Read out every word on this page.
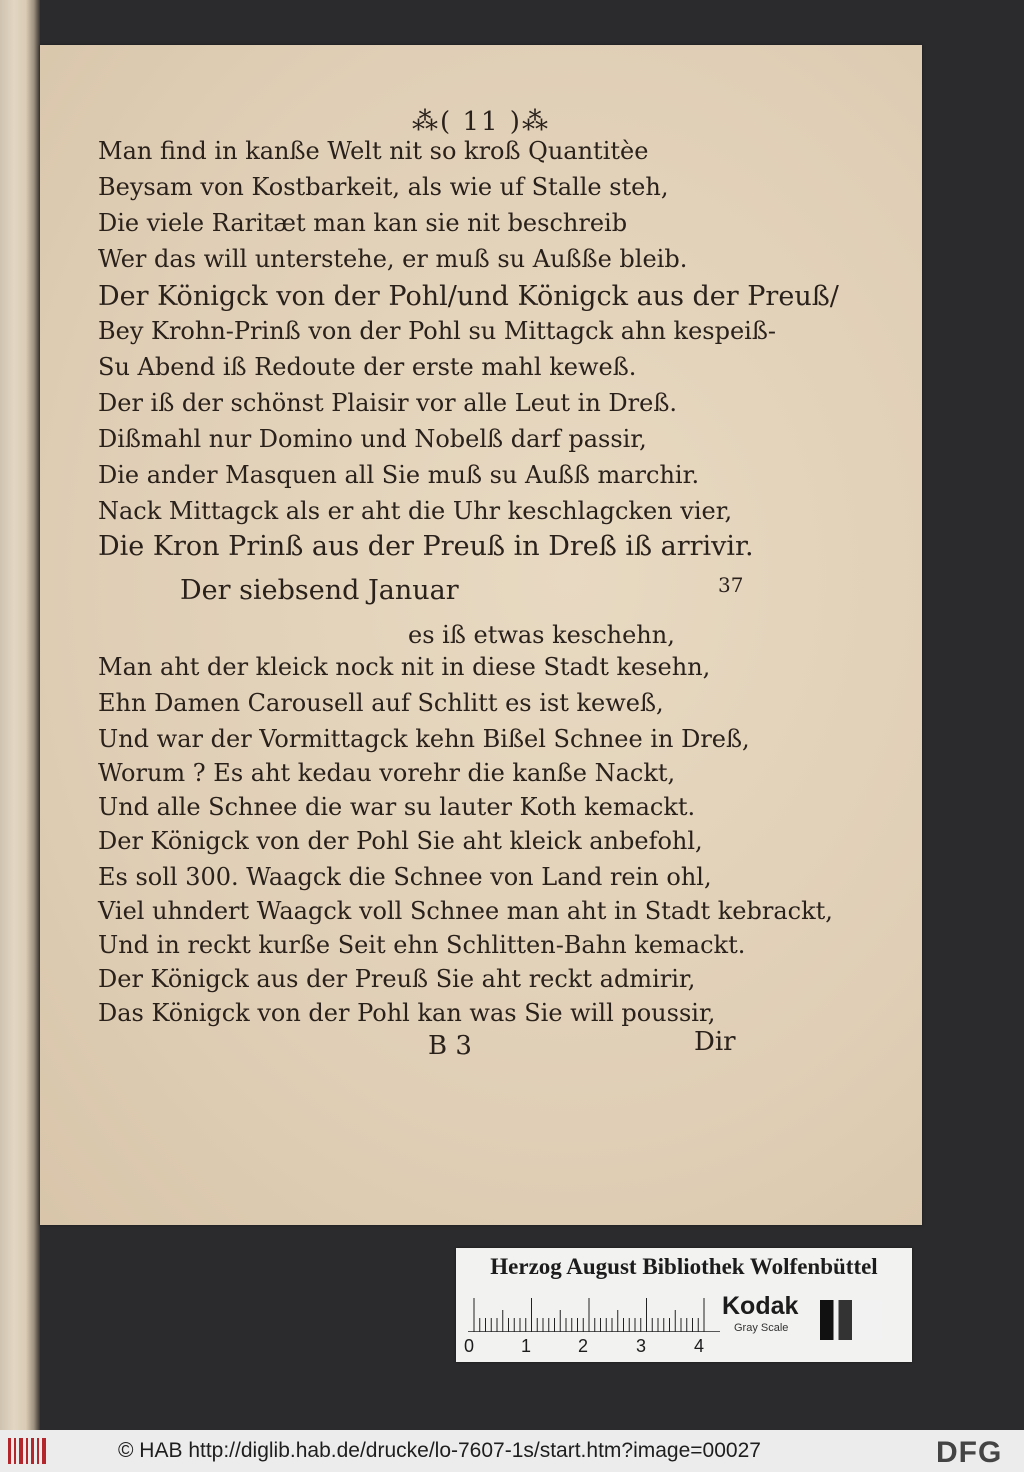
⁂( 11 )⁂
Man find in kanße Welt nit so kroß Quantitèe
Beysam von Kostbarkeit, als wie uf Stalle steh,
Die viele Raritæt man kan sie nit beschreib
Wer das will unterstehe, er muß su Außße bleib.
Der Königck von der Pohl/und Königck aus der Preuß/
Bey Krohn-Prinß von der Pohl su Mittagck ahn kespeiß-
Su Abend iß Redoute der erste mahl keweß.
Der iß der schönst Plaisir vor alle Leut in Dreß.
Dißmahl nur Domino und Nobelß darf passir,
Die ander Masquen all Sie muß su Außß marchir.
Nack Mittagck als er aht die Uhr keschlagcken vier,
Die Kron Prinß aus der Preuß in Dreß iß arrivir.
Der siebsend Januar	37
es iß etwas keschehn,
Man aht der kleick nock nit in diese Stadt kesehn,
Ehn Damen Carousell auf Schlitt es ist keweß,
Und war der Vormittagck kehn Bißel Schnee in Dreß,
Worum ? Es aht kedau vorehr die kanße Nackt,
Und alle Schnee die war su lauter Koth kemackt.
Der Königck von der Pohl Sie aht kleick anbefohl,
Es soll 300. Waagck die Schnee von Land rein ohl,
Viel uhndert Waagck voll Schnee man aht in Stadt kebrackt,
Und in reckt kurße Seit ehn Schlitten-Bahn kemackt.
Der Königck aus der Preuß Sie aht reckt admirir,
Das Königck von der Pohl kan was Sie will poussir,
B 3	Dir
Herzog August Bibliothek Wolfenbüttel
0	1	2	3	4
Kodak
Gray Scale
© HAB http://diglib.hab.de/drucke/lo-7607-1s/start.htm?image=00027	DFG
